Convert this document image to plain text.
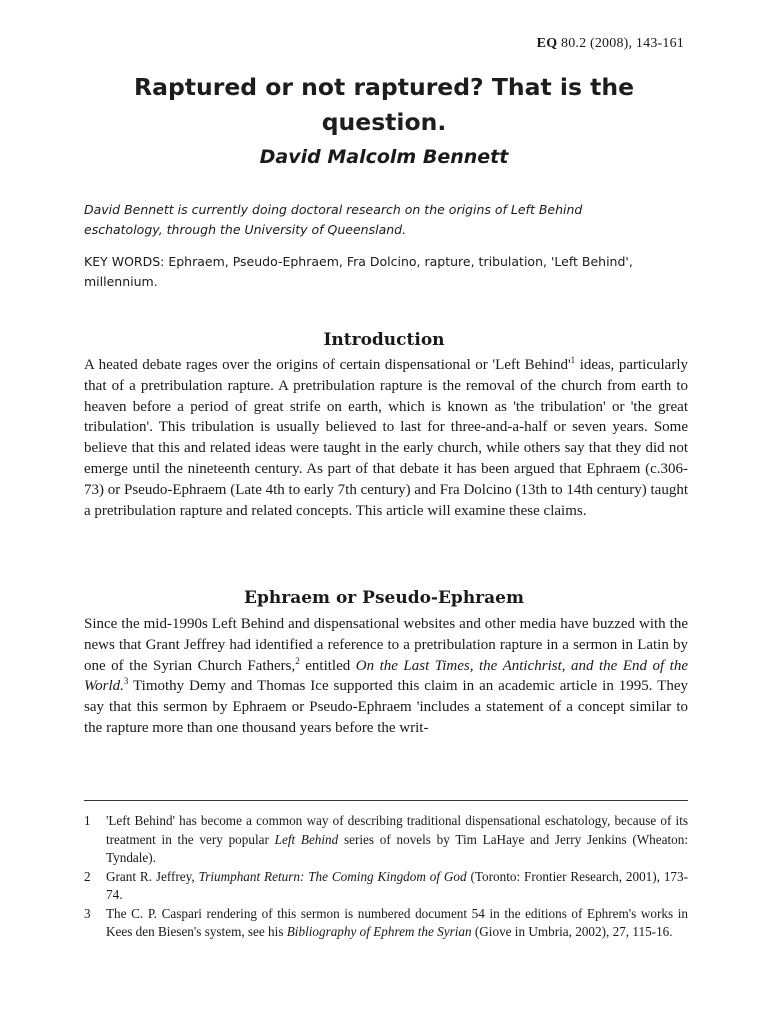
EQ 80.2 (2008), 143-161
Raptured or not raptured? That is the question.
David Malcolm Bennett

David Bennett is currently doing doctoral research on the origins of Left Behind eschatology, through the University of Queensland.

KEY WORDS: Ephraem, Pseudo-Ephraem, Fra Dolcino, rapture, tribulation, 'Left Behind', millennium.

Introduction

A heated debate rages over the origins of certain dispensational or 'Left $Behind'^1$ ideas, particularly that of a pretribulation rapture. A pretribulation rapture is the removal of the church from earth to heaven before a period of great strife on earth, which is known as 'the tribulation' or 'the great tribulation'. This tribulation is usually believed to last for three-and-a-half or seven years. Some believe that this and related ideas were taught in the early church, while others say that they did not emerge until the nineteenth century. As part of that debate it has been argued that Ephraem (c.306-73) or Pseudo-Ephraem (Late 4th to early 7th century) and Fra Dolcino (13th to 14th century) taught a pretribulation rapture and related concepts. This article will examine these claims.

Ephraem or Pseudo-Ephraem

Since the mid-1990s Left Behind and dispensational websites and other media have buzzed with the news that Grant Jeffrey had identified a reference to a pretribulation rapture in a sermon in Latin by one of the Syrian Church Fathers,$^2$ entitled On the Last Times, the Antichrist, and the End of the World.$^3$ Timothy Demy and Thomas Ice supported this claim in an academic article in 1995. They say that this sermon by Ephraem or Pseudo-Ephraem 'includes a statement of a concept similar to the rapture more than one thousand years before the writ-

1 'Left Behind' has become a common way of describing traditional dispensational eschatology, because of its treatment in the very popular Left Behind series of novels by Tim LaHaye and Jerry Jenkins (Wheaton: Tyndale).
2 Grant R. Jeffrey, Triumphant Return: The Coming Kingdom of God (Toronto: Frontier Research, 2001), 173-74.
3 The C. P. Caspari rendering of this sermon is numbered document 54 in the editions of Ephrem's works in Kees den Biesen's system, see his Bibliography of Ephrem the Syrian (Giove in Umbria, 2002), 27, 115-16.
